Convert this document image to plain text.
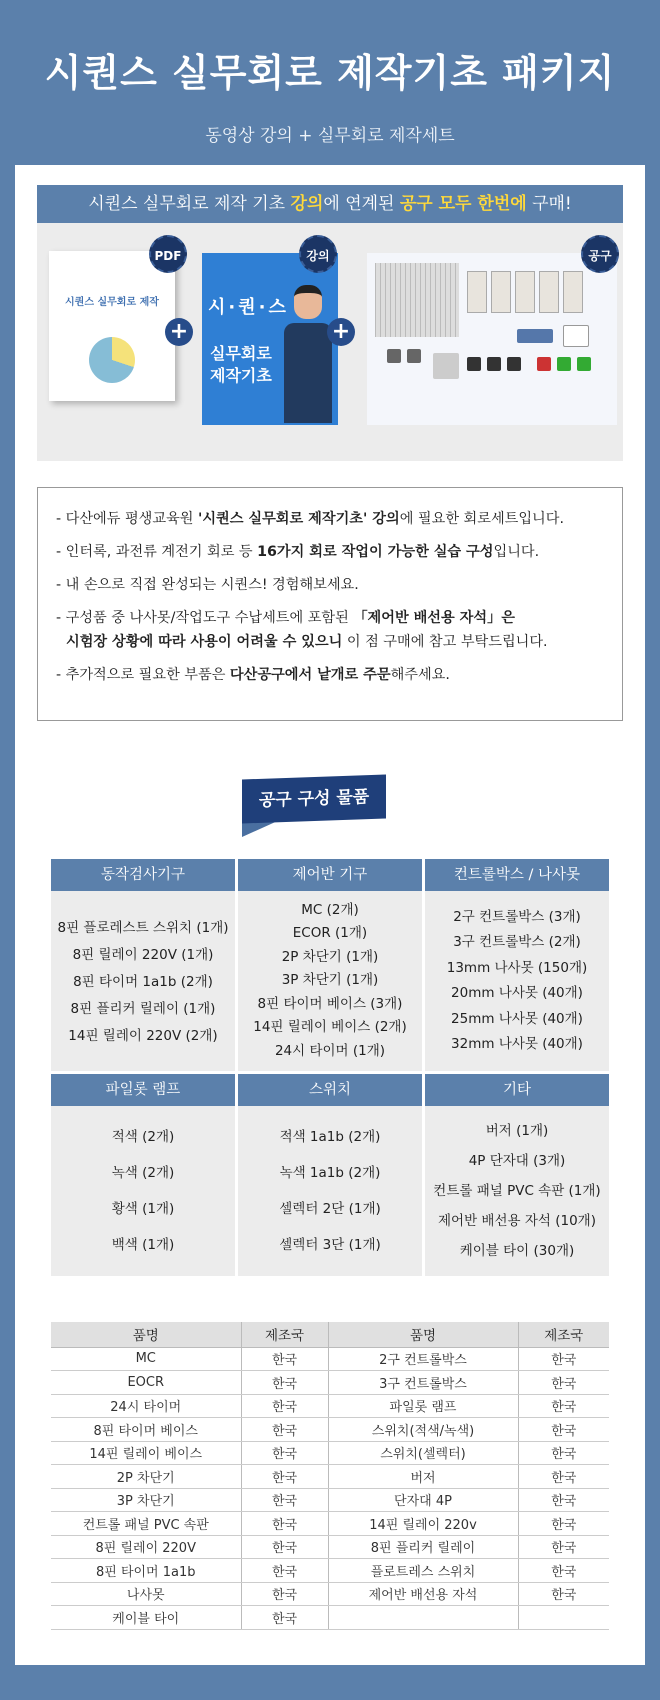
시퀀스 실무회로 제작기초 패키지

동영상 강의 + 실무회로 제작세트

시퀀스 실무회로 제작 기초 강의에 연계된 공구 모두 한번에 구매!
시퀀스 실무회로 제작
PDF
+
시·퀀·스
실무회로
제작기초
강의
+
공구

- 다산에듀 평생교육원 '시퀀스 실무회로 제작기초' 강의에 필요한 회로세트입니다.

- 인터록, 과전류 계전기 회로 등 16가지 회로 작업이 가능한 실습 구성입니다.

- 내 손으로 직접 완성되는 시퀀스! 경험해보세요.

- 구성품 중 나사못/작업도구 수납세트에 포함된 「제어반 배선용 자석」은

시험장 상황에 따라 사용이 어려울 수 있으니 이 점 구매에 참고 부탁드립니다.

- 추가적으로 필요한 부품은 다산공구에서 낱개로 주문해주세요.

공구 구성 물품
동작검사기구
8핀 플로레스트 스위치 (1개)
8핀 릴레이 220V (1개)
8핀 타이머 1a1b (2개)
8핀 플리커 릴레이 (1개)
14핀 릴레이 220V (2개)
제어반 기구
MC (2개)
ECOR (1개)
2P 차단기 (1개)
3P 차단기 (1개)
8핀 타이머 베이스 (3개)
14핀 릴레이 베이스 (2개)
24시 타이머 (1개)
컨트롤박스 / 나사못
2구 컨트롤박스 (3개)
3구 컨트롤박스 (2개)
13mm 나사못 (150개)
20mm 나사못 (40개)
25mm 나사못 (40개)
32mm 나사못 (40개)
파일롯 램프
적색 (2개)
녹색 (2개)
황색 (1개)
백색 (1개)
스위치
적색 1a1b (2개)
녹색 1a1b (2개)
셀렉터 2단 (1개)
셀렉터 3단 (1개)
기타
버저 (1개)
4P 단자대 (3개)
컨트롤 패널 PVC 속판 (1개)
제어반 배선용 자석 (10개)
케이블 타이 (30개)
품명	제조국	품명	제조국
MC	한국	2구 컨트롤박스	한국
EOCR	한국	3구 컨트롤박스	한국
24시 타이머	한국	파일롯 램프	한국
8핀 타이머 베이스	한국	스위치(적색/녹색)	한국
14핀 릴레이 베이스	한국	스위치(셀렉터)	한국
2P 차단기	한국	버저	한국
3P 차단기	한국	단자대 4P	한국
컨트롤 패널 PVC 속판	한국	14핀 릴레이 220v	한국
8핀 릴레이 220V	한국	8핀 플리커 릴레이	한국
8핀 타이머 1a1b	한국	플로트레스 스위치	한국
나사못	한국	제어반 배선용 자석	한국
케이블 타이	한국		
